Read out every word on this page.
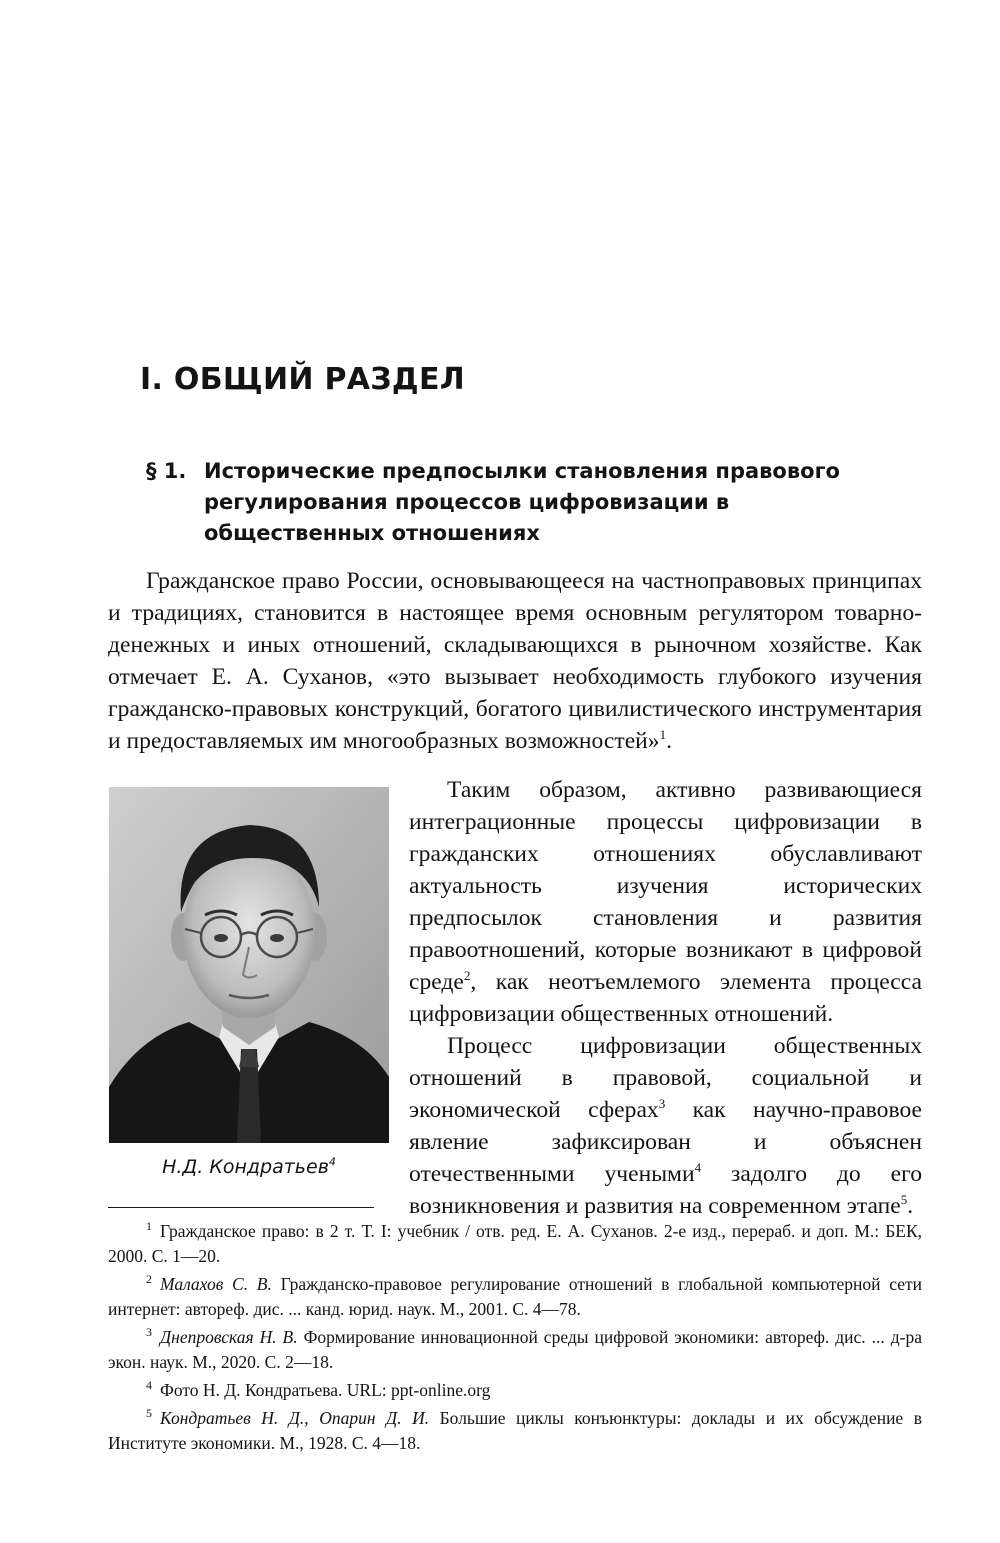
I. ОБЩИЙ РАЗДЕЛ
§ 1. Исторические предпосылки становления правового регулирования процессов цифровизации в общественных отношениях

Гражданское право России, основывающееся на частноправовых принципах и традициях, становится в настоящее время основным регулятором товарно-денежных и иных отношений, складывающихся в рыночном хозяйстве. Как отмечает Е. А. Суханов, «это вызывает необходимость глубокого изучения гражданско-правовых конструкций, богатого цивилистического инструментария и предоставляемых им многообразных возможностей»$^1$.

Н.Д. Кондратьев$^4$

Таким образом, активно развивающиеся интеграционные процессы цифровизации в гражданских отношениях обуславливают актуальность изучения исторических предпосылок становления и развития правоотношений, которые возникают в цифровой среде$^2$, как неотъемлемого элемента процесса цифровизации общественных отношений.

Процесс цифровизации общественных отношений в правовой, социальной и экономической сферах$^3$ как научно-правовое явление зафиксирован и объяснен отечественными учеными$^4$ задолго до его возникновения и развития на современном этапе$^5$.

$^1$ Гражданское право: в 2 т. Т. I: учебник / отв. ред. Е. А. Суханов. 2-е изд., перераб. и доп. М.: БЕК, 2000. С. 1—20.

$^2$ Малахов С. В. Гражданско-правовое регулирование отношений в глобальной компьютерной сети интернет: автореф. дис. ... канд. юрид. наук. М., 2001. С. 4—78.

$^3$ Днепровская Н. В. Формирование инновационной среды цифровой экономики: автореф. дис. ... д-ра экон. наук. М., 2020. С. 2—18.

$^4$ Фото Н. Д. Кондратьева. URL: ppt-online.org

$^5$ Кондратьев Н. Д., Опарин Д. И. Большие циклы конъюнктуры: доклады и их обсуждение в Институте экономики. М., 1928. С. 4—18.
